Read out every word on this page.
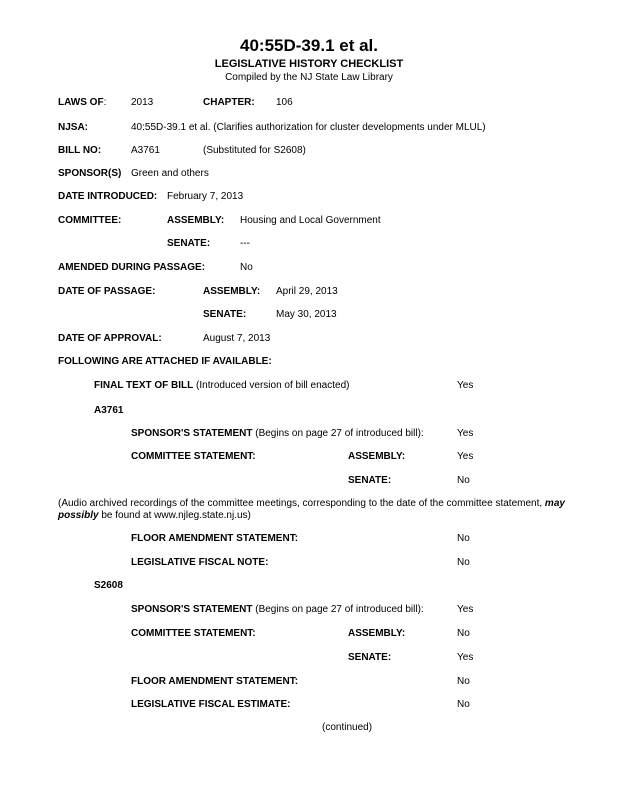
40:55D-39.1 et al.
LEGISLATIVE HISTORY CHECKLIST
Compiled by the NJ State Law Library
LAWS OF: 2013	CHAPTER: 106
NJSA:	40:55D-39.1 et al. (Clarifies authorization for cluster developments under MLUL)
BILL NO:	A3761	(Substituted for S2608)
SPONSOR(S) Green and others
DATE INTRODUCED: February 7, 2013
COMMITTEE:	ASSEMBLY: Housing and Local Government
SENATE:	---
AMENDED DURING PASSAGE:	No
DATE OF PASSAGE:	ASSEMBLY: April 29, 2013
SENATE:	May 30, 2013
DATE OF APPROVAL:	August 7, 2013
FOLLOWING ARE ATTACHED IF AVAILABLE:
FINAL TEXT OF BILL (Introduced version of bill enacted)	Yes
A3761
SPONSOR'S STATEMENT (Begins on page 27 of introduced bill):	Yes
COMMITTEE STATEMENT:	ASSEMBLY:	Yes
SENATE:	No
(Audio archived recordings of the committee meetings, corresponding to the date of the committee statement, may possibly be found at www.njleg.state.nj.us)
FLOOR AMENDMENT STATEMENT:	No
LEGISLATIVE FISCAL NOTE:	No
S2608
SPONSOR'S STATEMENT (Begins on page 27 of introduced bill):	Yes
COMMITTEE STATEMENT:	ASSEMBLY:	No
SENATE:	Yes
FLOOR AMENDMENT STATEMENT:	No
LEGISLATIVE FISCAL ESTIMATE:	No
(continued)
